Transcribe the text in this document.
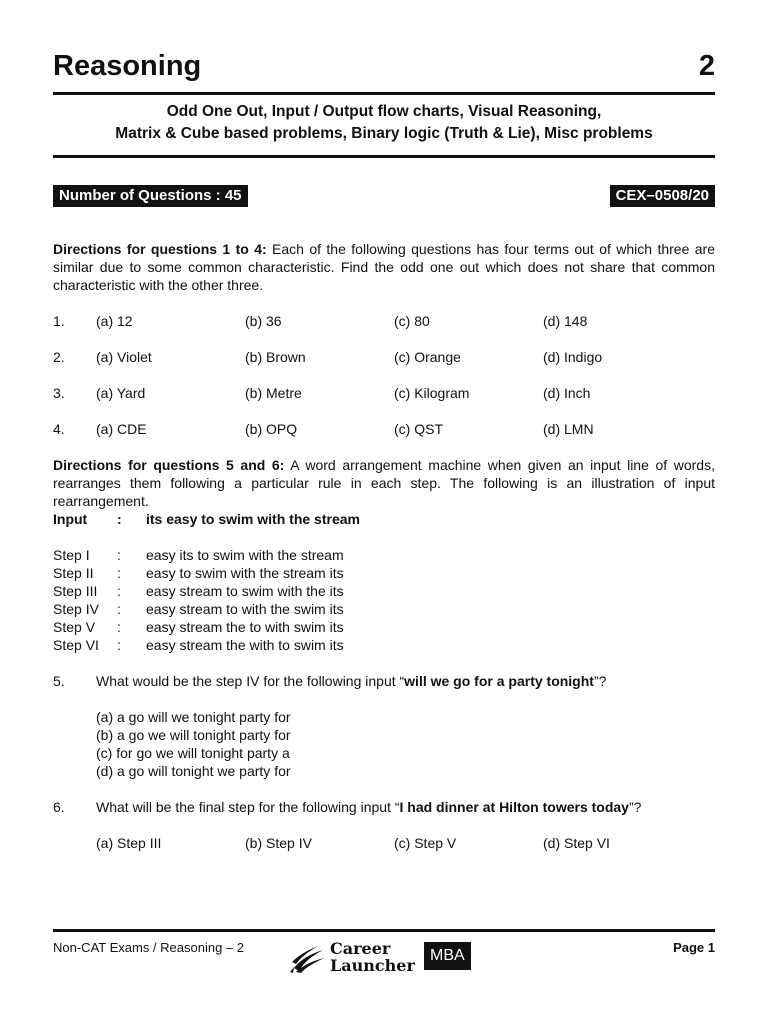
Reasoning	2
Odd One Out, Input / Output flow charts, Visual Reasoning,
Matrix & Cube based problems, Binary logic (Truth & Lie), Misc problems
Number of Questions : 45	CEX–0508/20
Directions for questions 1 to 4: Each of the following questions has four terms out of which three are similar due to some common characteristic. Find the odd one out which does not share that common characteristic with the other three.
1. (a) 12	(b) 36	(c) 80	(d) 148
2. (a) Violet	(b) Brown	(c) Orange	(d) Indigo
3. (a) Yard	(b) Metre	(c) Kilogram	(d) Inch
4. (a) CDE	(b) OPQ	(c) QST	(d) LMN
Directions for questions 5 and 6: A word arrangement machine when given an input line of words, rearranges them following a particular rule in each step. The following is an illustration of input rearrangement.
Input : its easy to swim with the stream
Step I : easy its to swim with the stream
Step II : easy to swim with the stream its
Step III : easy stream to swim with the its
Step IV : easy stream to with the swim its
Step V : easy stream the to with swim its
Step VI : easy stream the with to swim its
5. What would be the step IV for the following input “will we go for a party tonight”?
(a) a go will we tonight party for
(b) a go we will tonight party for
(c) for go we will tonight party a
(d) a go will tonight we party for
6. What will be the final step for the following input “I had dinner at Hilton towers today”?
(a) Step III	(b) Step IV	(c) Step V	(d) Step VI
Non-CAT Exams / Reasoning – 2	Career
Launcher
MBA	Page 1
